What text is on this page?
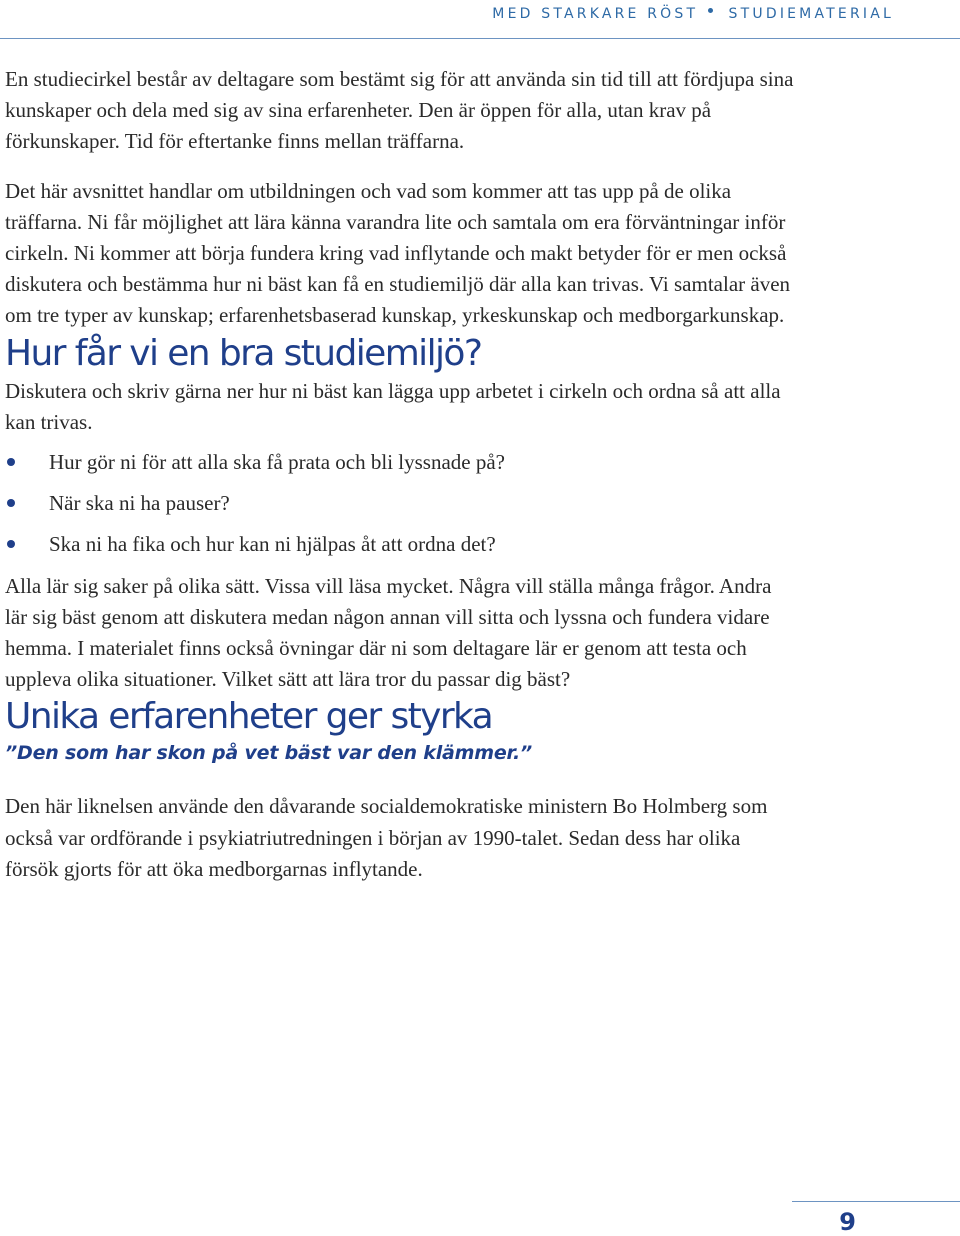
MED STARKARE RÖST STUDIEMATERIAL

En studiecirkel består av deltagare som bestämt sig för att använda sin tid till att fördjupa sina kunskaper och dela med sig av sina erfarenheter. Den är öppen för alla, utan krav på förkunskaper. Tid för eftertanke finns mellan träffarna.

Det här avsnittet handlar om utbildningen och vad som kommer att tas upp på de olika träffarna. Ni får möjlighet att lära känna varandra lite och samtala om era förväntningar inför cirkeln. Ni kommer att börja fundera kring vad inflytande och makt betyder för er men också diskutera och bestämma hur ni bäst kan få en studiemiljö där alla kan trivas. Vi samtalar även om tre typer av kunskap; erfarenhetsbaserad kunskap, yrkeskunskap och medborgarkunskap.

Hur får vi en bra studiemiljö?

Diskutera och skriv gärna ner hur ni bäst kan lägga upp arbetet i cirkeln och ordna så att alla kan trivas.

Hur gör ni för att alla ska få prata och bli lyssnade på?
När ska ni ha pauser?
Ska ni ha fika och hur kan ni hjälpas åt att ordna det?

Alla lär sig saker på olika sätt. Vissa vill läsa mycket. Några vill ställa många frågor. Andra lär sig bäst genom att diskutera medan någon annan vill sitta och lyssna och fundera vidare hemma. I materialet finns också övningar där ni som deltagare lär er genom att testa och uppleva olika situationer. Vilket sätt att lära tror du passar dig bäst?

Unika erfarenheter ger styrka

”Den som har skon på vet bäst var den klämmer.”

Den här liknelsen använde den dåvarande socialdemokratiske ministern Bo Holmberg som också var ordförande i psykiatriutredningen i början av 1990-talet. Sedan dess har olika försök gjorts för att öka medborgarnas inflytande.

9
